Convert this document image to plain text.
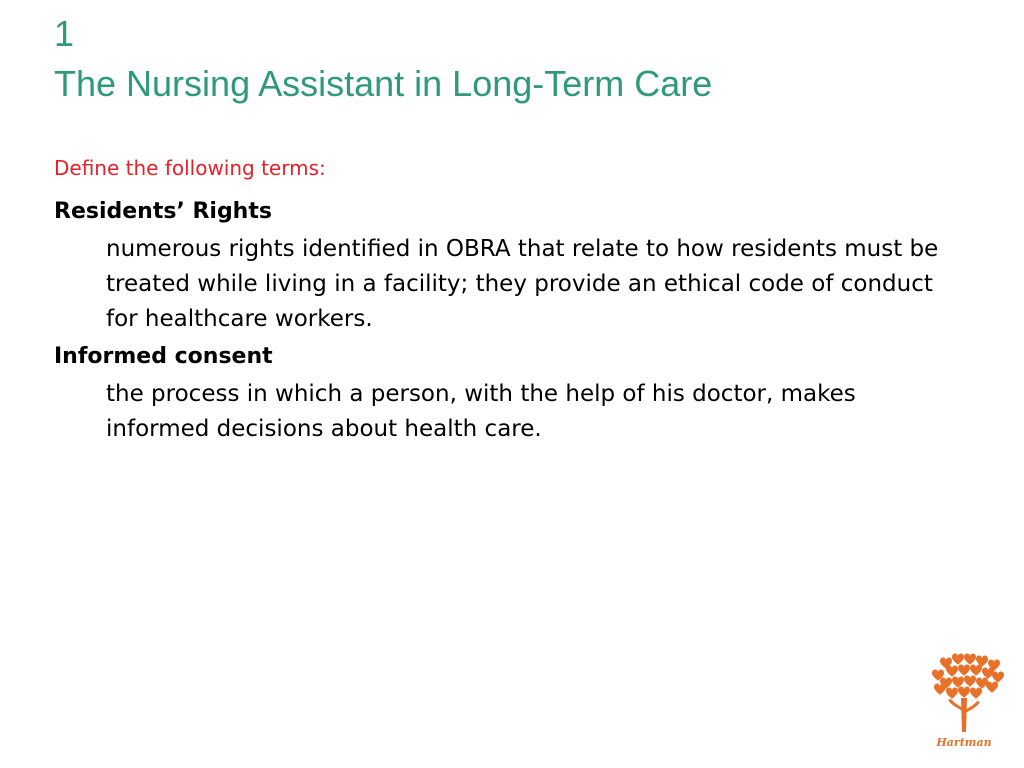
1
The Nursing Assistant in Long-Term Care
Define the following terms:

Residents’ Rights

numerous rights identified in OBRA that relate to how residents must be treated while living in a facility; they provide an ethical code of conduct for healthcare workers.

Informed consent

the process in which a person, with the help of his doctor, makes informed decisions about health care.

Hartman
